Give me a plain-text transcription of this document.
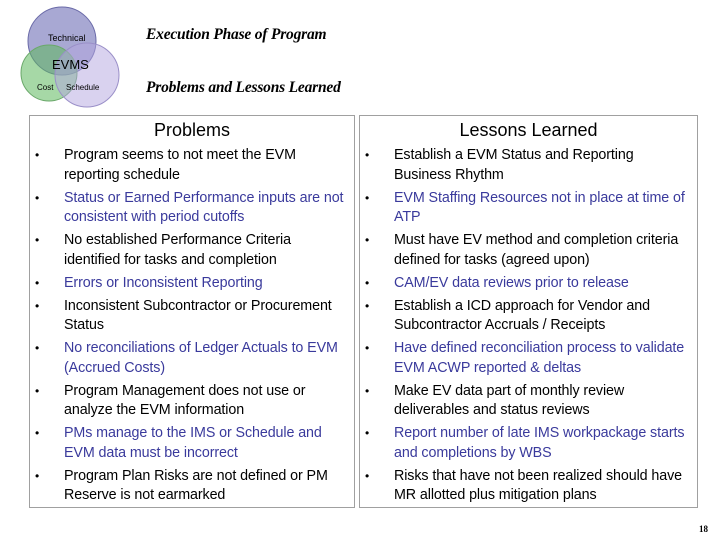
Technical
EVMS
Cost Schedule
Execution Phase of Program
Problems and Lessons Learned
Problems
• Program seems to not meet the EVM reporting schedule
• Status or Earned Performance inputs are not consistent with period cutoffs
• No established Performance Criteria identified for tasks and completion
• Errors or Inconsistent Reporting
• Inconsistent Subcontractor or Procurement Status
• No reconciliations of Ledger Actuals to EVM (Accrued Costs)
• Program Management does not use or analyze the EVM information
• PMs manage to the IMS or Schedule and EVM data must be incorrect
• Program Plan Risks are not defined or PM Reserve is not earmarked
Lessons Learned
• Establish a EVM Status and Reporting Business Rhythm
• EVM Staffing Resources not in place at time of ATP
• Must have EV method and completion criteria defined for tasks (agreed upon)
• CAM/EV data reviews prior to release
• Establish a ICD approach for Vendor and Subcontractor Accruals / Receipts
• Have defined reconciliation process to validate EVM ACWP reported & deltas
• Make EV data part of monthly review deliverables and status reviews
• Report number of late IMS workpackage starts and completions by WBS
• Risks that have not been realized should have MR allotted plus mitigation plans
18
